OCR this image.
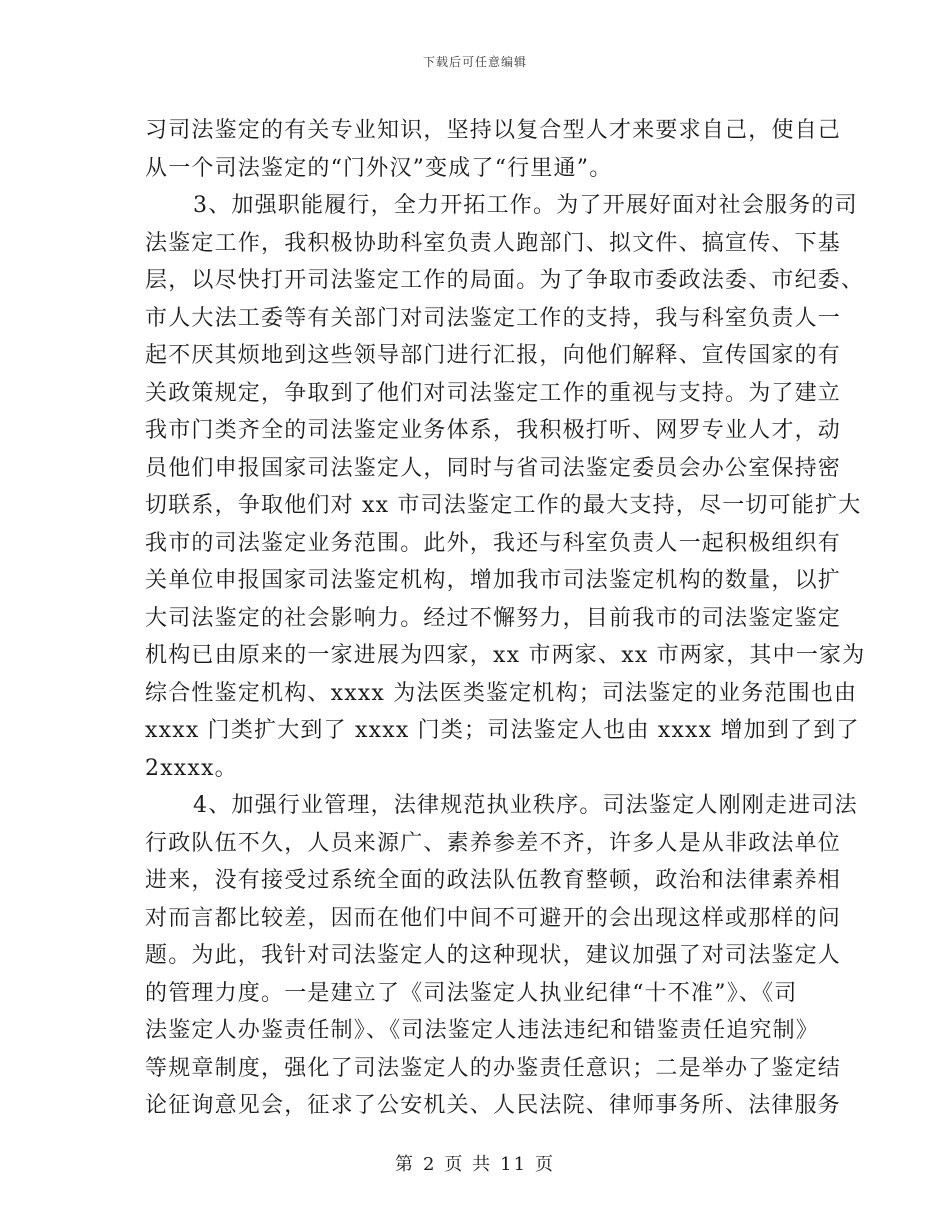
下载后可任意编辑

习司法鉴定的有关专业知识，坚持以复合型人才来要求自己，使自己
从一个司法鉴定的“门外汉”变成了“行里通”。

3、加强职能履行，全力开拓工作。为了开展好面对社会服务的司
法鉴定工作，我积极协助科室负责人跑部门、拟文件、搞宣传、下基
层，以尽快打开司法鉴定工作的局面。为了争取市委政法委、市纪委、
市人大法工委等有关部门对司法鉴定工作的支持，我与科室负责人一
起不厌其烦地到这些领导部门进行汇报，向他们解释、宣传国家的有
关政策规定，争取到了他们对司法鉴定工作的重视与支持。为了建立
我市门类齐全的司法鉴定业务体系，我积极打听、网罗专业人才，动
员他们申报国家司法鉴定人，同时与省司法鉴定委员会办公室保持密
切联系，争取他们对 xx 市司法鉴定工作的最大支持，尽一切可能扩大
我市的司法鉴定业务范围。此外，我还与科室负责人一起积极组织有
关单位申报国家司法鉴定机构，增加我市司法鉴定机构的数量，以扩
大司法鉴定的社会影响力。经过不懈努力，目前我市的司法鉴定鉴定
机构已由原来的一家进展为四家，xx 市两家、xx 市两家，其中一家为
综合性鉴定机构、xxxx 为法医类鉴定机构；司法鉴定的业务范围也由
xxxx 门类扩大到了 xxxx 门类；司法鉴定人也由 xxxx 增加到了到了
2xxxx。

4、加强行业管理，法律规范执业秩序。司法鉴定人刚刚走进司法
行政队伍不久，人员来源广、素养参差不齐，许多人是从非政法单位
进来，没有接受过系统全面的政法队伍教育整顿，政治和法律素养相
对而言都比较差，因而在他们中间不可避开的会出现这样或那样的问
题。为此，我针对司法鉴定人的这种现状，建议加强了对司法鉴定人
的管理力度。一是建立了《司法鉴定人执业纪律“十不准”》、《司
法鉴定人办鉴责任制》、《司法鉴定人违法违纪和错鉴责任追究制》
等规章制度，强化了司法鉴定人的办鉴责任意识；二是举办了鉴定结
论征询意见会，征求了公安机关、人民法院、律师事务所、法律服务

第 2 页 共 11 页
